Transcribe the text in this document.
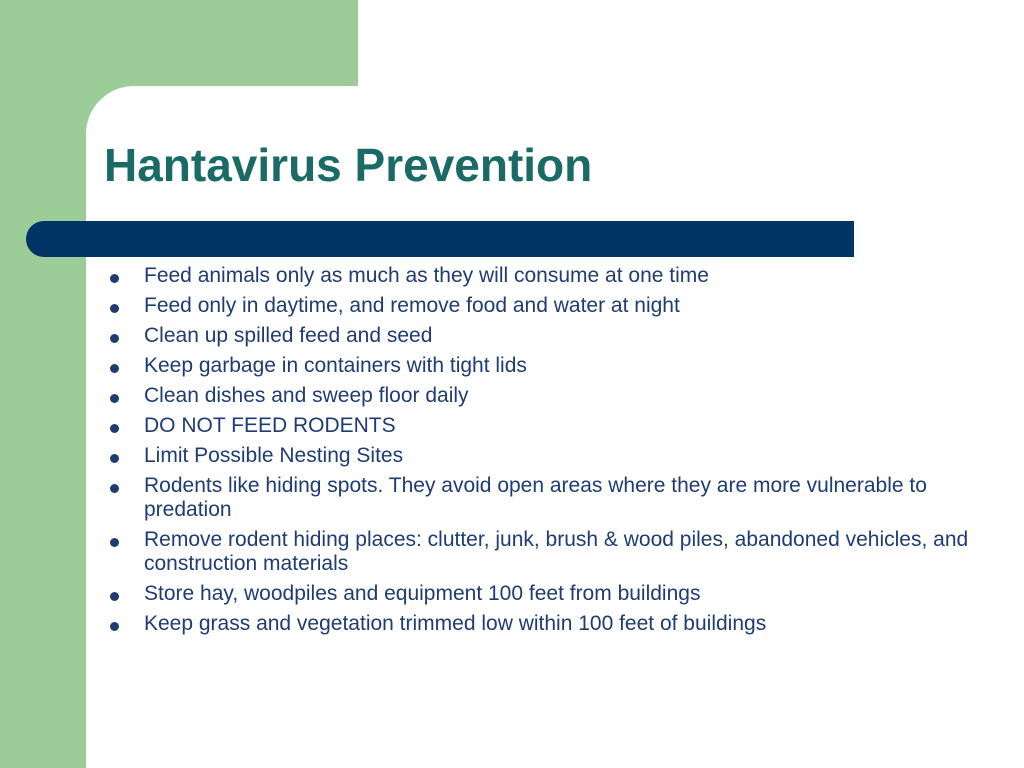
Hantavirus Prevention
Feed animals only as much as they will consume at one time
Feed only in daytime, and remove food and water at night
Clean up spilled feed and seed
Keep garbage in containers with tight lids
Clean dishes and sweep floor daily
DO NOT FEED RODENTS
Limit Possible Nesting Sites
Rodents like hiding spots. They avoid open areas where they are more vulnerable to predation
Remove rodent hiding places: clutter, junk, brush & wood piles, abandoned vehicles, and construction materials
Store hay, woodpiles and equipment 100 feet from buildings
Keep grass and vegetation trimmed low within 100 feet of buildings
